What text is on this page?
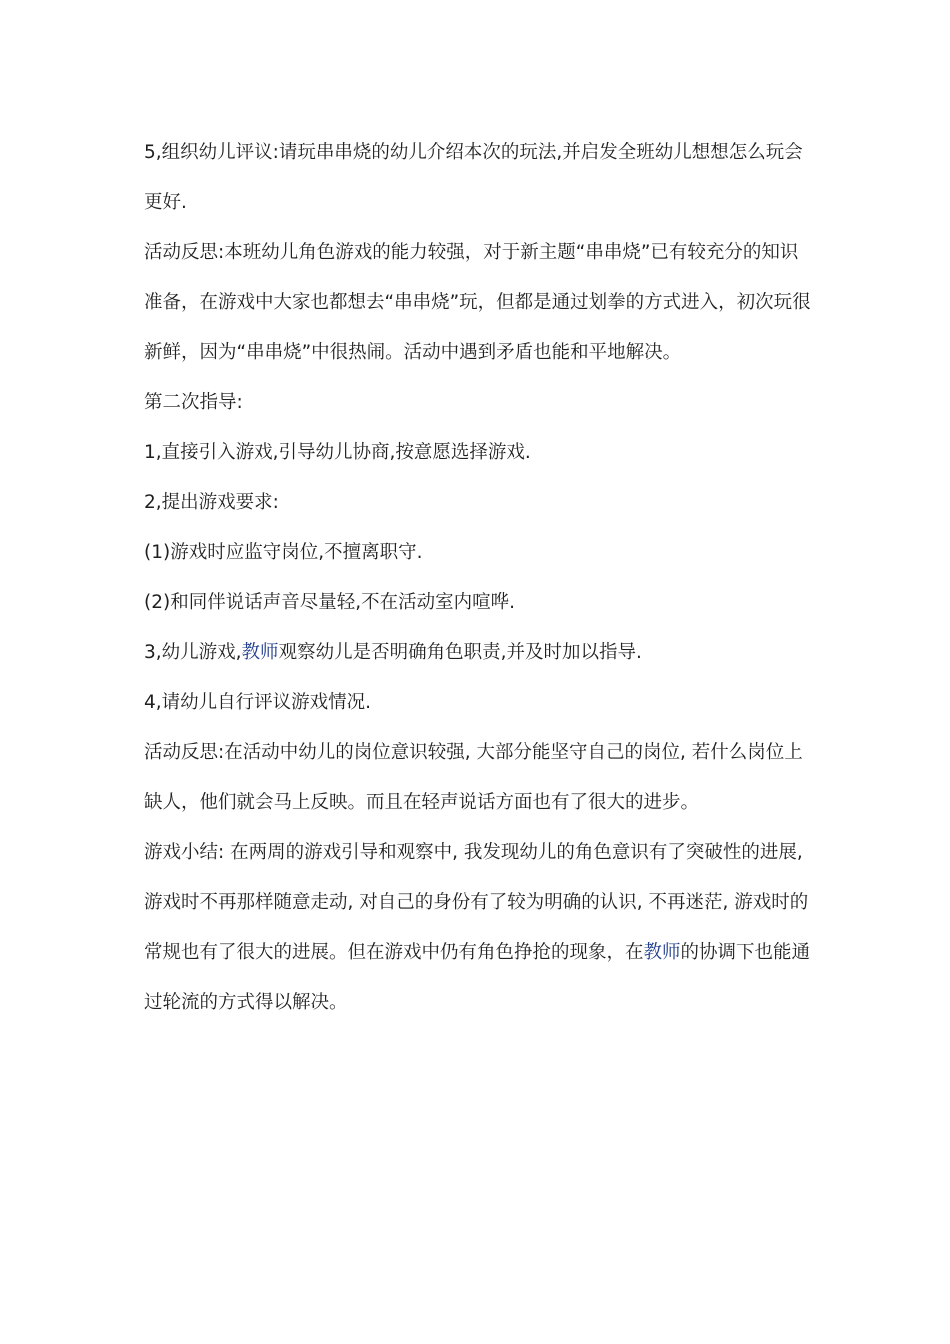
5,组织幼儿评议:请玩串串烧的幼儿介绍本次的玩法,并启发全班幼儿想想怎么玩会更好.

活动反思:本班幼儿角色游戏的能力较强，对于新主题“串串烧”已有较充分的知识准备，在游戏中大家也都想去“串串烧”玩，但都是通过划拳的方式进入，初次玩很新鲜，因为“串串烧”中很热闹。活动中遇到矛盾也能和平地解决。

第二次指导:

1,直接引入游戏,引导幼儿协商,按意愿选择游戏.

2,提出游戏要求:

(1)游戏时应监守岗位,不擅离职守.

(2)和同伴说话声音尽量轻,不在活动室内喧哗.

3,幼儿游戏,教师观察幼儿是否明确角色职责,并及时加以指导.

4,请幼儿自行评议游戏情况.

活动反思:在活动中幼儿的岗位意识较强, 大部分能坚守自己的岗位, 若什么岗位上缺人，他们就会马上反映。而且在轻声说话方面也有了很大的进步。

游戏小结: 在两周的游戏引导和观察中, 我发现幼儿的角色意识有了突破性的进展, 游戏时不再那样随意走动, 对自己的身份有了较为明确的认识, 不再迷茫, 游戏时的常规也有了很大的进展。但在游戏中仍有角色挣抢的现象，在教师的协调下也能通过轮流的方式得以解决。
